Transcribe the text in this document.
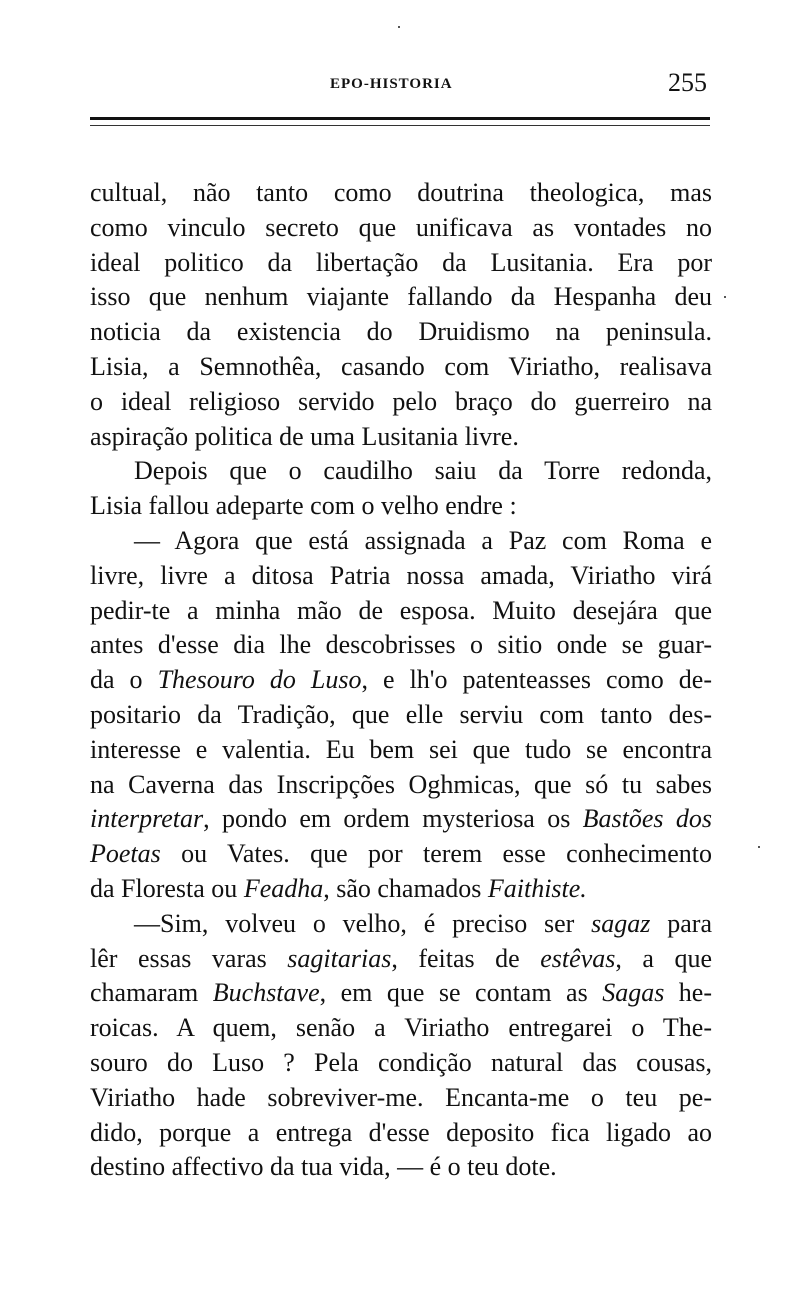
EPO-HISTORIA	255
cultual, não tanto como doutrina theologica, mas
como vinculo secreto que unificava as vontades no
ideal politico da libertação da Lusitania. Era por
isso que nenhum viajante fallando da Hespanha deu
noticia da existencia do Druidismo na peninsula.
Lisia, a Semnothêa, casando com Viriatho, realisava
o ideal religioso servido pelo braço do guerreiro na
aspiração politica de uma Lusitania livre.
Depois que o caudilho saiu da Torre redonda,
Lisia fallou adeparte com o velho endre :
— Agora que está assignada a Paz com Roma e
livre, livre a ditosa Patria nossa amada, Viriatho virá
pedir-te a minha mão de esposa. Muito desejára que
antes d'esse dia lhe descobrisses o sitio onde se guar-
da o Thesouro do Luso, e lh'o patenteasses como de-
positario da Tradição, que elle serviu com tanto des-
interesse e valentia. Eu bem sei que tudo se encontra
na Caverna das Inscripções Oghmicas, que só tu sabes
interpretar, pondo em ordem mysteriosa os Bastões dos
Poetas ou Vates. que por terem esse conhecimento
da Floresta ou Feadha, são chamados Faithiste.
—Sim, volveu o velho, é preciso ser sagaz para
lêr essas varas sagitarias, feitas de estêvas, a que
chamaram Buchstave, em que se contam as Sagas he-
roicas. A quem, senão a Viriatho entregarei o The-
souro do Luso ? Pela condição natural das cousas,
Viriatho hade sobreviver-me. Encanta-me o teu pe-
dido, porque a entrega d'esse deposito fica ligado ao
destino affectivo da tua vida, — é o teu dote.
